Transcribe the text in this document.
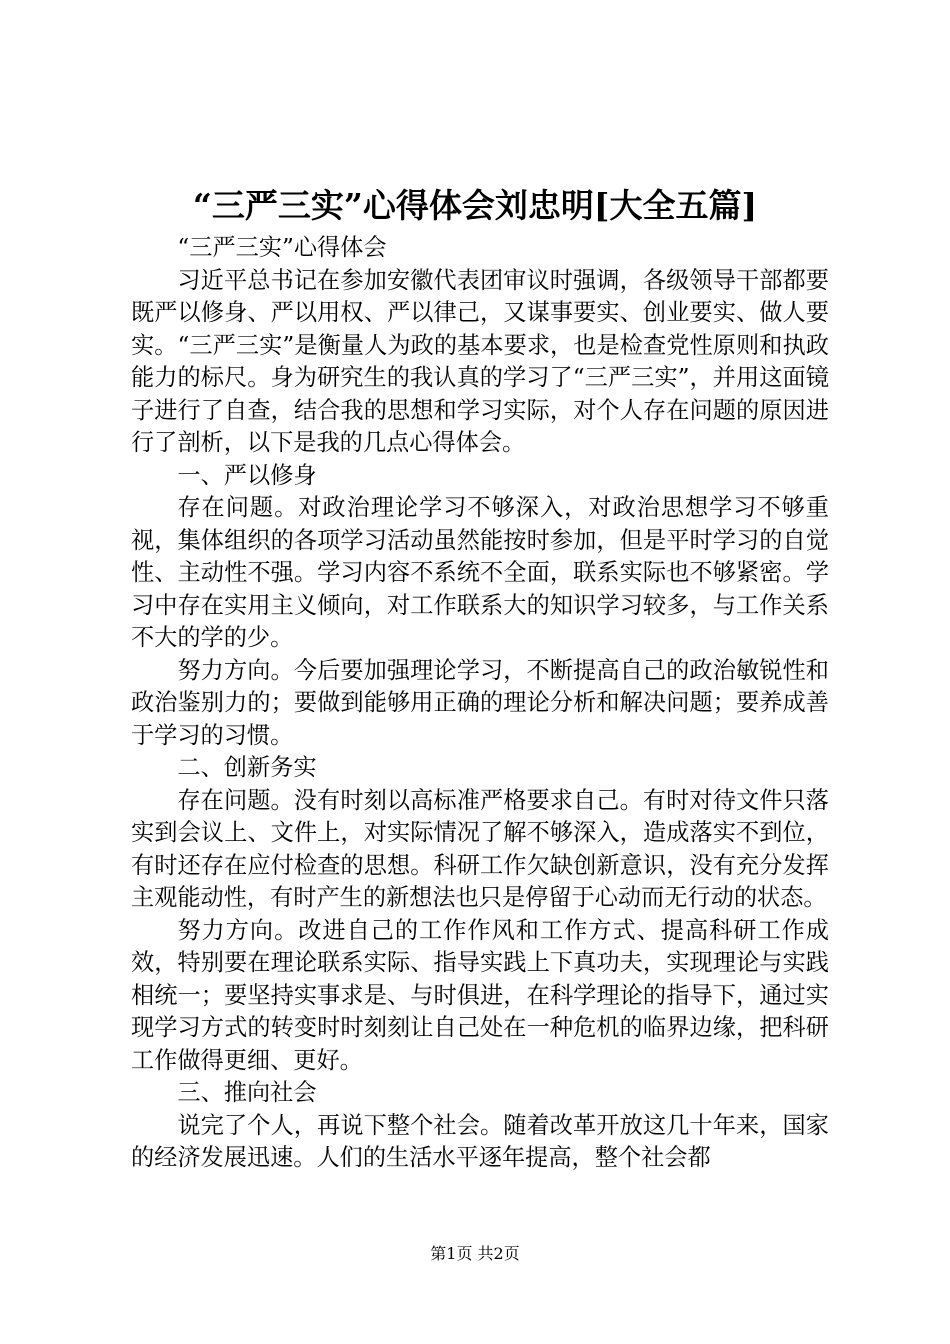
“三严三实”心得体会刘忠明[大全五篇]

“三严三实”心得体会

习近平总书记在参加安徽代表团审议时强调，各级领导干部都要既严以修身、严以用权、严以律己，又谋事要实、创业要实、做人要实。“三严三实”是衡量人为政的基本要求，也是检查党性原则和执政能力的标尺。身为研究生的我认真的学习了“三严三实”，并用这面镜子进行了自查，结合我的思想和学习实际，对个人存在问题的原因进行了剖析，以下是我的几点心得体会。

一、严以修身

存在问题。对政治理论学习不够深入，对政治思想学习不够重视，集体组织的各项学习活动虽然能按时参加，但是平时学习的自觉性、主动性不强。学习内容不系统不全面，联系实际也不够紧密。学习中存在实用主义倾向，对工作联系大的知识学习较多，与工作关系不大的学的少。

努力方向。今后要加强理论学习，不断提高自己的政治敏锐性和政治鉴别力的；要做到能够用正确的理论分析和解决问题；要养成善于学习的习惯。

二、创新务实

存在问题。没有时刻以高标准严格要求自己。有时对待文件只落实到会议上、文件上，对实际情况了解不够深入，造成落实不到位，有时还存在应付检查的思想。科研工作欠缺创新意识，没有充分发挥主观能动性，有时产生的新想法也只是停留于心动而无行动的状态。

努力方向。改进自己的工作作风和工作方式、提高科研工作成效，特别要在理论联系实际、指导实践上下真功夫，实现理论与实践相统一；要坚持实事求是、与时俱进，在科学理论的指导下，通过实现学习方式的转变时时刻刻让自己处在一种危机的临界边缘，把科研工作做得更细、更好。

三、推向社会

说完了个人，再说下整个社会。随着改革开放这几十年来，国家的经济发展迅速。人们的生活水平逐年提高，整个社会都

第1页 共2页
